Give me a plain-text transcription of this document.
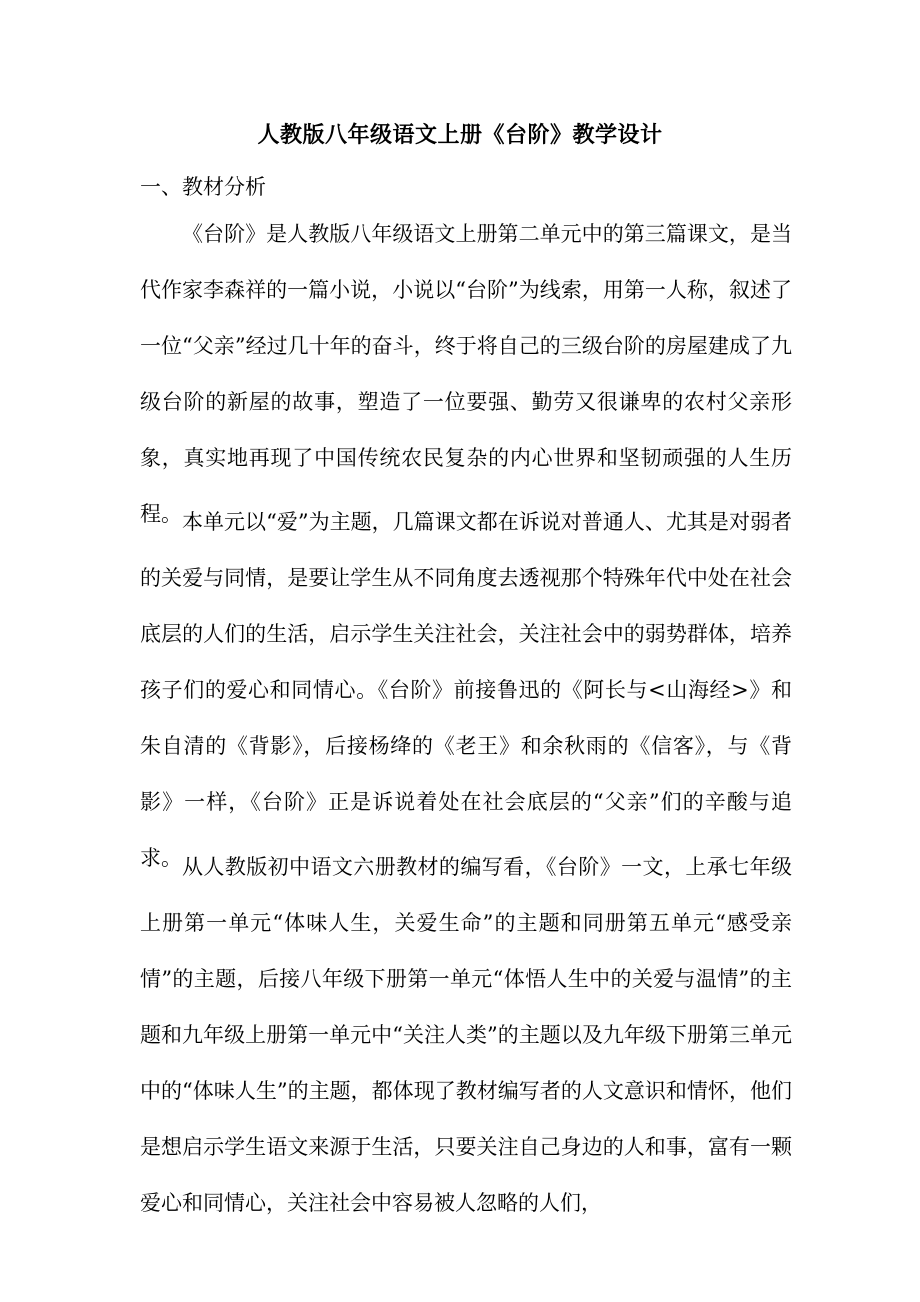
人教版八年级语文上册《台阶》教学设计
一、教材分析

《台阶》是人教版八年级语文上册第二单元中的第三篇课文，是当代作家李森祥的一篇小说，小说以“台阶”为线索，用第一人称，叙述了一位“父亲”经过几十年的奋斗，终于将自己的三级台阶的房屋建成了九级台阶的新屋的故事，塑造了一位要强、勤劳又很谦卑的农村父亲形象，真实地再现了中国传统农民复杂的内心世界和坚韧顽强的人生历程。 本单元以“爱”为主题，几篇课文都在诉说对普通人、尤其是对弱者的关爱与同情，是要让学生从不同角度去透视那个特殊年代中处在社会底层的人们的生活，启示学生关注社会，关注社会中的弱势群体，培养孩子们的爱心和同情心。《台阶》前接鲁迅的《阿长与<山海经>》和朱自清的《背影》，后接杨绛的《老王》和余秋雨的《信客》，与《背影》一样，《台阶》正是诉说着处在社会底层的“父亲”们的辛酸与追求。 从人教版初中语文六册教材的编写看，《台阶》一文，上承七年级上册第一单元“体味人生，关爱生命”的主题和同册第五单元“感受亲情”的主题，后接八年级下册第一单元“体悟人生中的关爱与温情”的主题和九年级上册第一单元中“关注人类”的主题以及九年级下册第三单元中的“体味人生”的主题，都体现了教材编写者的人文意识和情怀，他们是想启示学生语文来源于生活，只要关注自己身边的人和事，富有一颗爱心和同情心，关注社会中容易被人忽略的人们，
